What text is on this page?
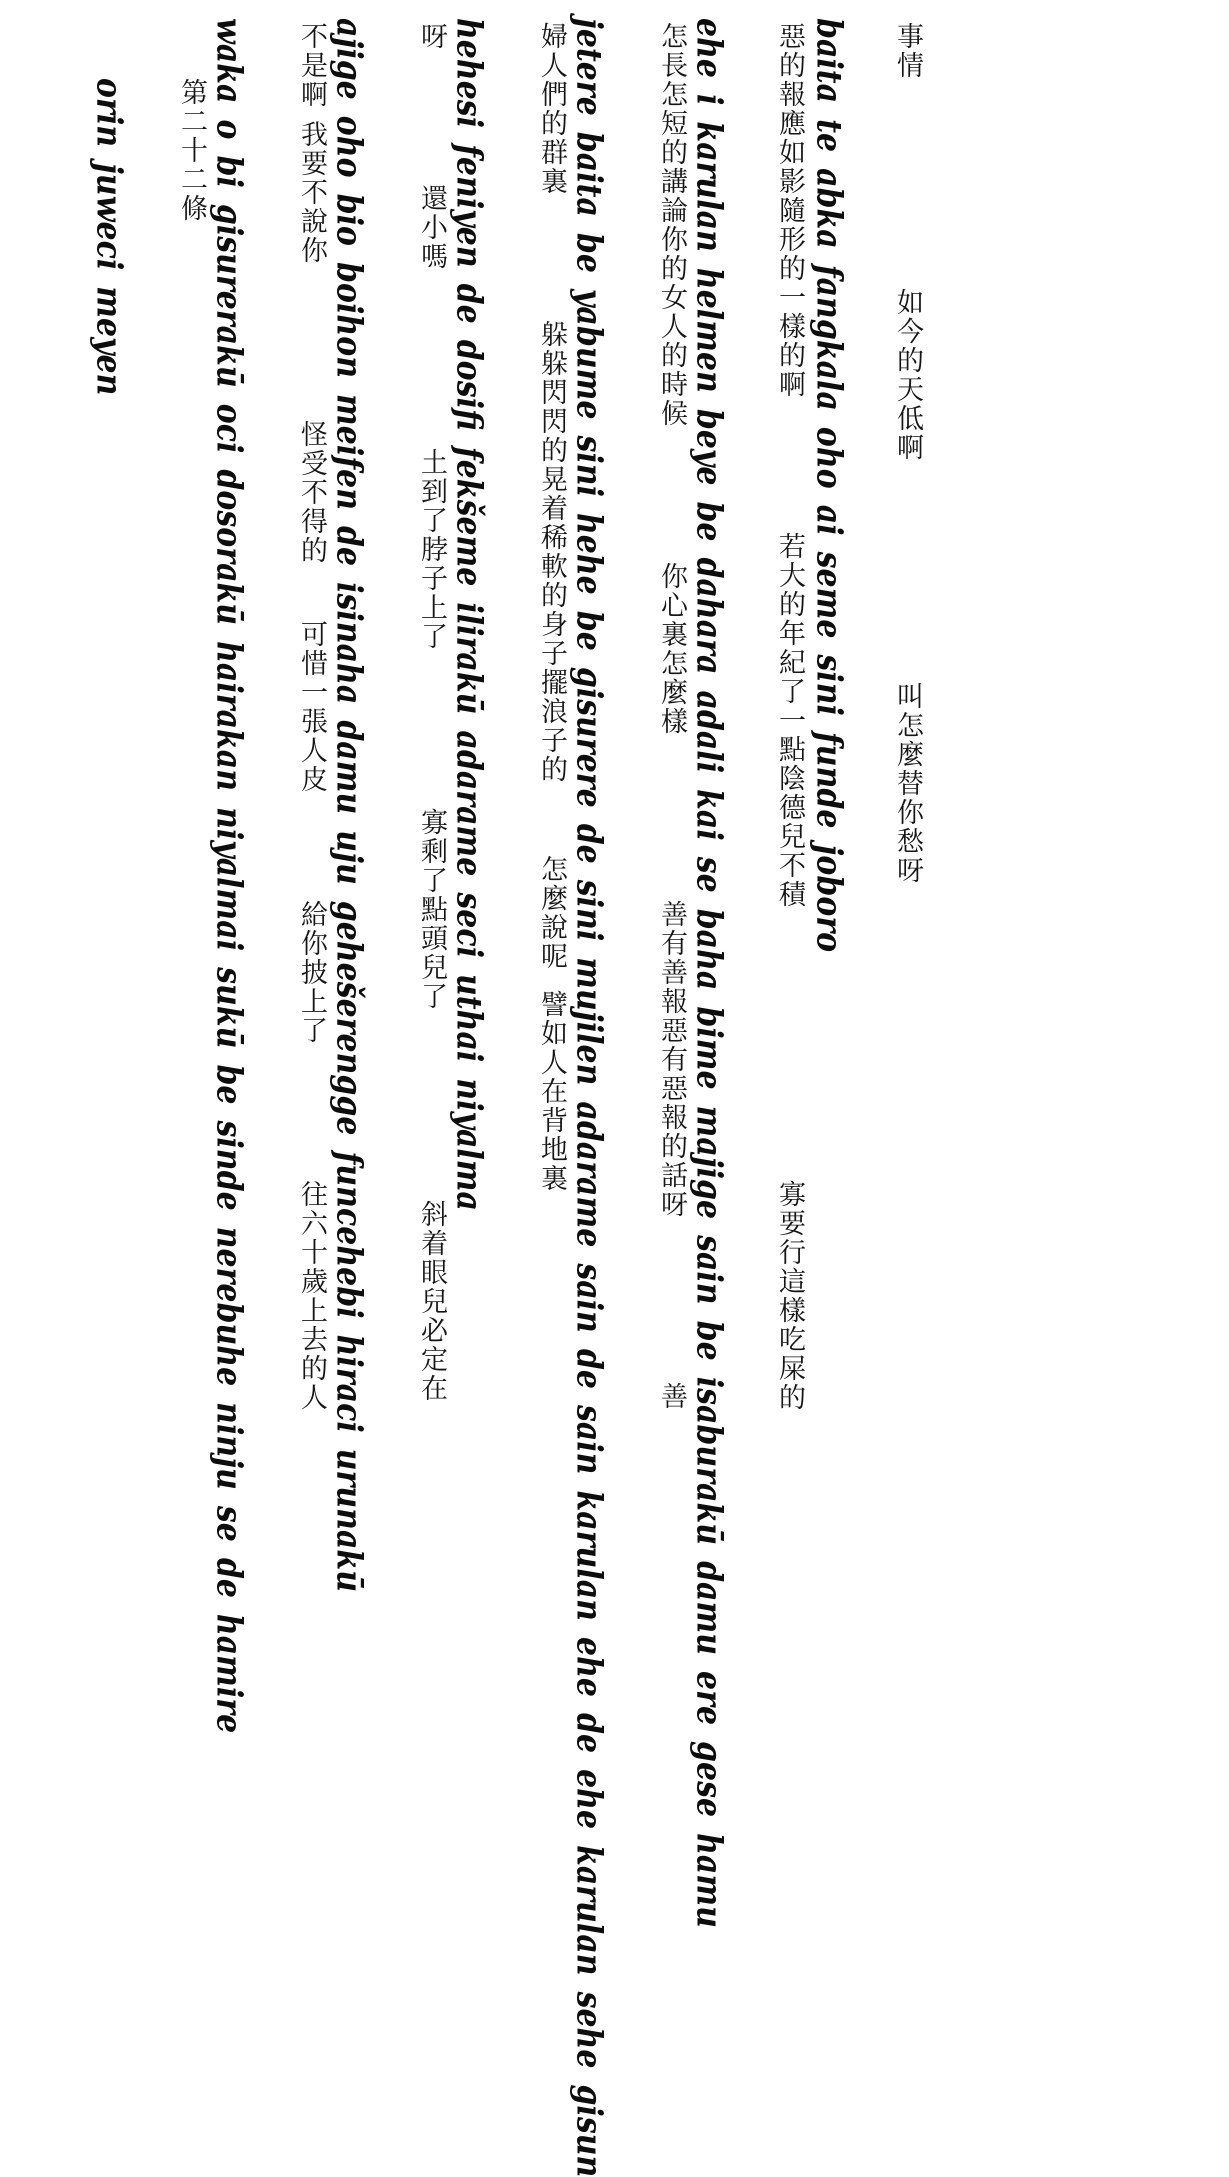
事情
如今的天低啊
叫怎麼替你愁呀
惡的報應如影隨形的一樣的啊
若大的年紀了一點陰德兒不積
寡要行這樣吃屎的
怎長怎短的講論你的女人的時候
你心裏怎麼樣
善有善報惡有惡報的話呀
善
婦人們的群裏
躲躲閃閃的晃着稀軟的身子擺浪子的
怎麼說呢
譬如人在背地裏
呀
還小嗎
土到了脖子上了
寡剩了點頭兒了
斜着眼兒必定在
不是啊
我要不說你
怪受不得的
可惜一張人皮
給你披上了
往六十歲上去的人
第二十二條
baita
te
abka
fangkala
oho
ai
seme
sini
funde
joboro
ehe
i
karulan
helmen
beye
be
dahara
adali
kai
se
baha
bime
majige
sain
be
isaburakū
damu
ere
gese
hamu
jetere
baita
be
yabume
sini
hehe
be
gisurere
de
sini
mujilen
adarame
sain
de
sain
karulan
ehe
de
ehe
karulan
sehe
gisun
hehesi
feniyen
de
dosifi
fekšeme
ilirakū
adarame
seci
uthai
niyalma
ajige
oho
bio
boihon
meifen
de
isinaha
damu
uju
gehešerengge
funcehebi
hiraci
urunakū
waka
o
bi
gisurerakū
oci
dosorakū
hairakan
niyalmai
sukū
be
sinde
nerebuhe
ninju
se
de
hamire
orin
juweci
meyen
